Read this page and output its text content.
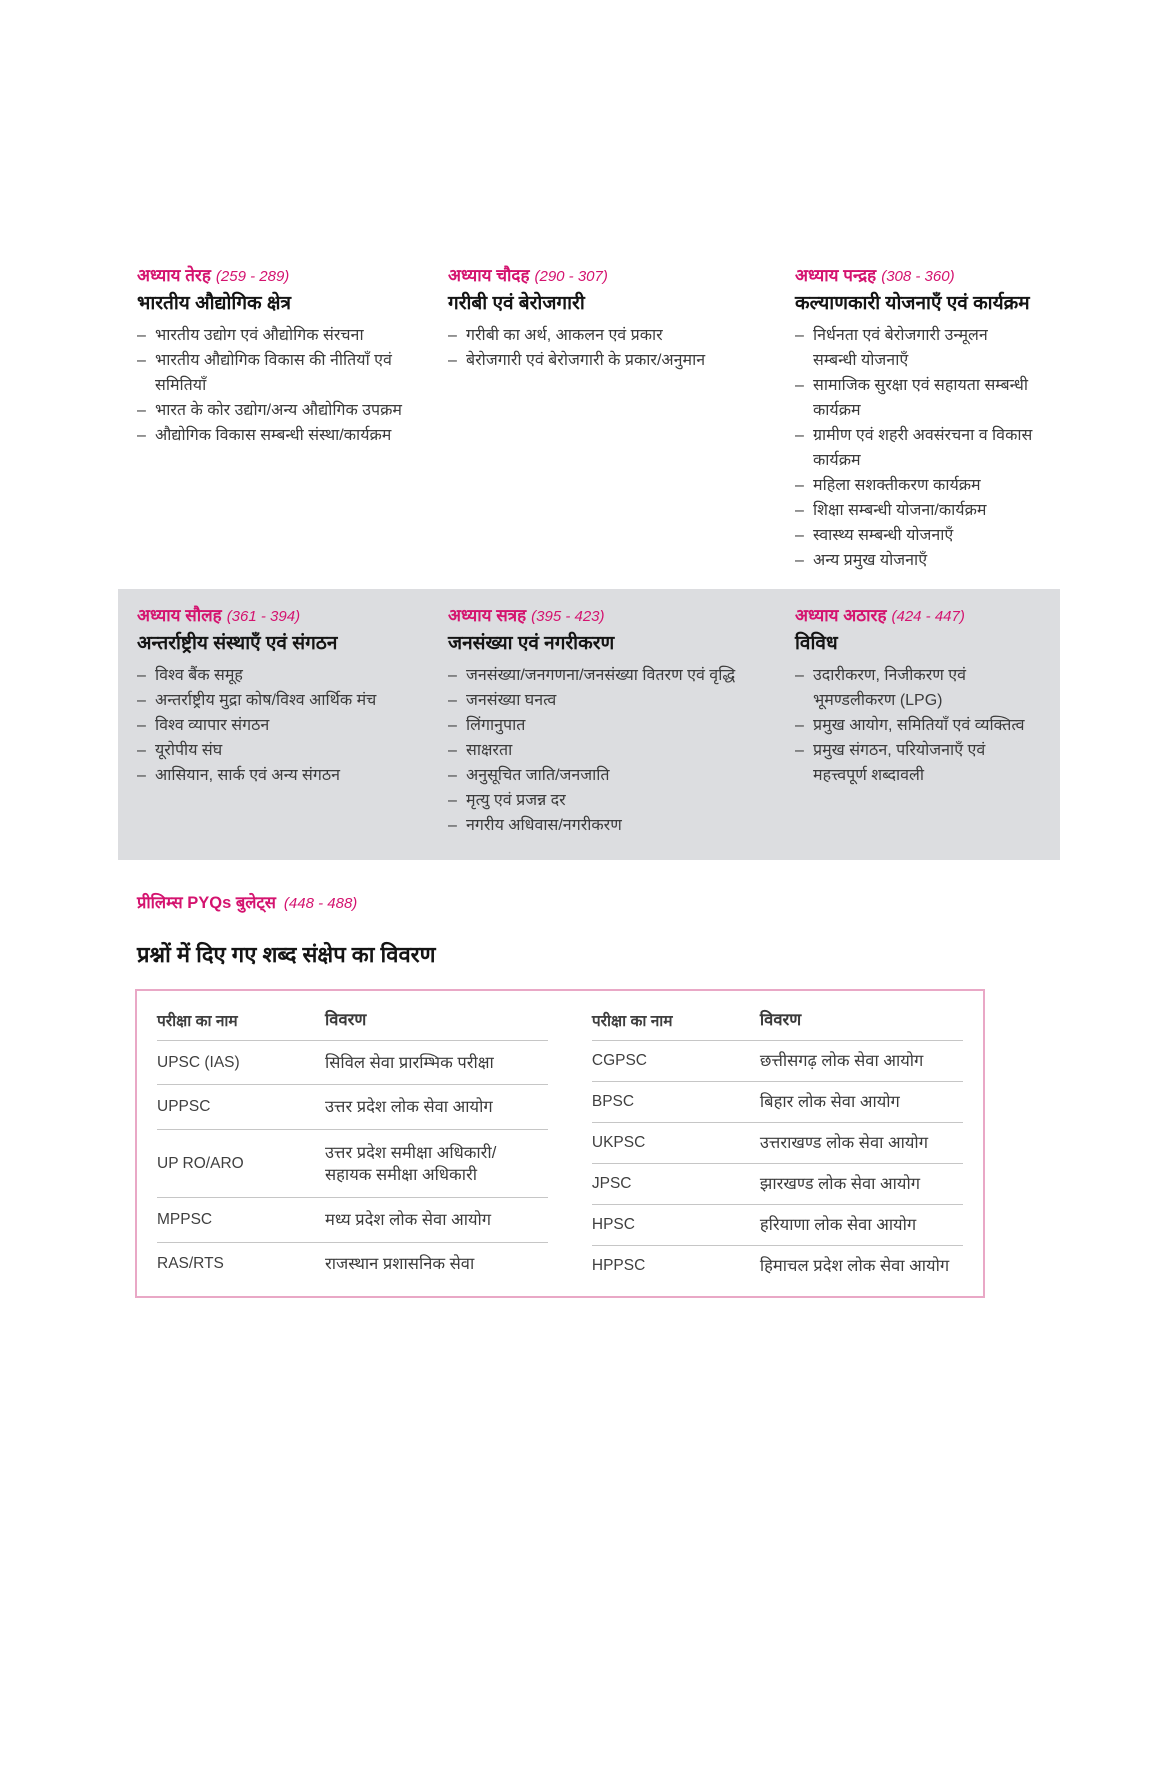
अध्याय तेरह (259 - 289)
भारतीय औद्योगिक क्षेत्र
– भारतीय उद्योग एवं औद्योगिक संरचना
– भारतीय औद्योगिक विकास की नीतियाँ एवं समितियाँ
– भारत के कोर उद्योग/अन्य औद्योगिक उपक्रम
– औद्योगिक विकास सम्बन्धी संस्था/कार्यक्रम
अध्याय चौदह (290 - 307)
गरीबी एवं बेरोजगारी
– गरीबी का अर्थ, आकलन एवं प्रकार
– बेरोजगारी एवं बेरोजगारी के प्रकार/अनुमान
अध्याय पन्द्रह (308 - 360)
कल्याणकारी योजनाएँ एवं कार्यक्रम
– निर्धनता एवं बेरोजगारी उन्मूलन सम्बन्धी योजनाएँ
– सामाजिक सुरक्षा एवं सहायता सम्बन्धी कार्यक्रम
– ग्रामीण एवं शहरी अवसंरचना व विकास कार्यक्रम
– महिला सशक्तीकरण कार्यक्रम
– शिक्षा सम्बन्धी योजना/कार्यक्रम
– स्वास्थ्य सम्बन्धी योजनाएँ
– अन्य प्रमुख योजनाएँ
अध्याय सौलह (361 - 394)
अन्तर्राष्ट्रीय संस्थाएँ एवं संगठन
– विश्व बैंक समूह
– अन्तर्राष्ट्रीय मुद्रा कोष/विश्व आर्थिक मंच
– विश्व व्यापार संगठन
– यूरोपीय संघ
– आसियान, सार्क एवं अन्य संगठन
अध्याय सत्रह (395 - 423)
जनसंख्या एवं नगरीकरण
– जनसंख्या/जनगणना/जनसंख्या वितरण एवं वृद्धि
– जनसंख्या घनत्व
– लिंगानुपात
– साक्षरता
– अनुसूचित जाति/जनजाति
– मृत्यु एवं प्रजन्न दर
– नगरीय अधिवास/नगरीकरण
अध्याय अठारह (424 - 447)
विविध
– उदारीकरण, निजीकरण एवं भूमण्डलीकरण (LPG)
– प्रमुख आयोग, समितियाँ एवं व्यक्तित्व
– प्रमुख संगठन, परियोजनाएँ एवं महत्त्वपूर्ण शब्दावली
प्रीलिम्स PYQs बुलेट्स (448 - 488)
प्रश्नों में दिए गए शब्द संक्षेप का विवरण
परीक्षा का नाम	विवरण
UPSC (IAS)	सिविल सेवा प्रारम्भिक परीक्षा
UPPSC	उत्तर प्रदेश लोक सेवा आयोग
UP RO/ARO	उत्तर प्रदेश समीक्षा अधिकारी/ सहायक समीक्षा अधिकारी
MPPSC	मध्य प्रदेश लोक सेवा आयोग
RAS/RTS	राजस्थान प्रशासनिक सेवा
परीक्षा का नाम	विवरण
CGPSC	छत्तीसगढ़ लोक सेवा आयोग
BPSC	बिहार लोक सेवा आयोग
UKPSC	उत्तराखण्ड लोक सेवा आयोग
JPSC	झारखण्ड लोक सेवा आयोग
HPSC	हरियाणा लोक सेवा आयोग
HPPSC	हिमाचल प्रदेश लोक सेवा आयोग
